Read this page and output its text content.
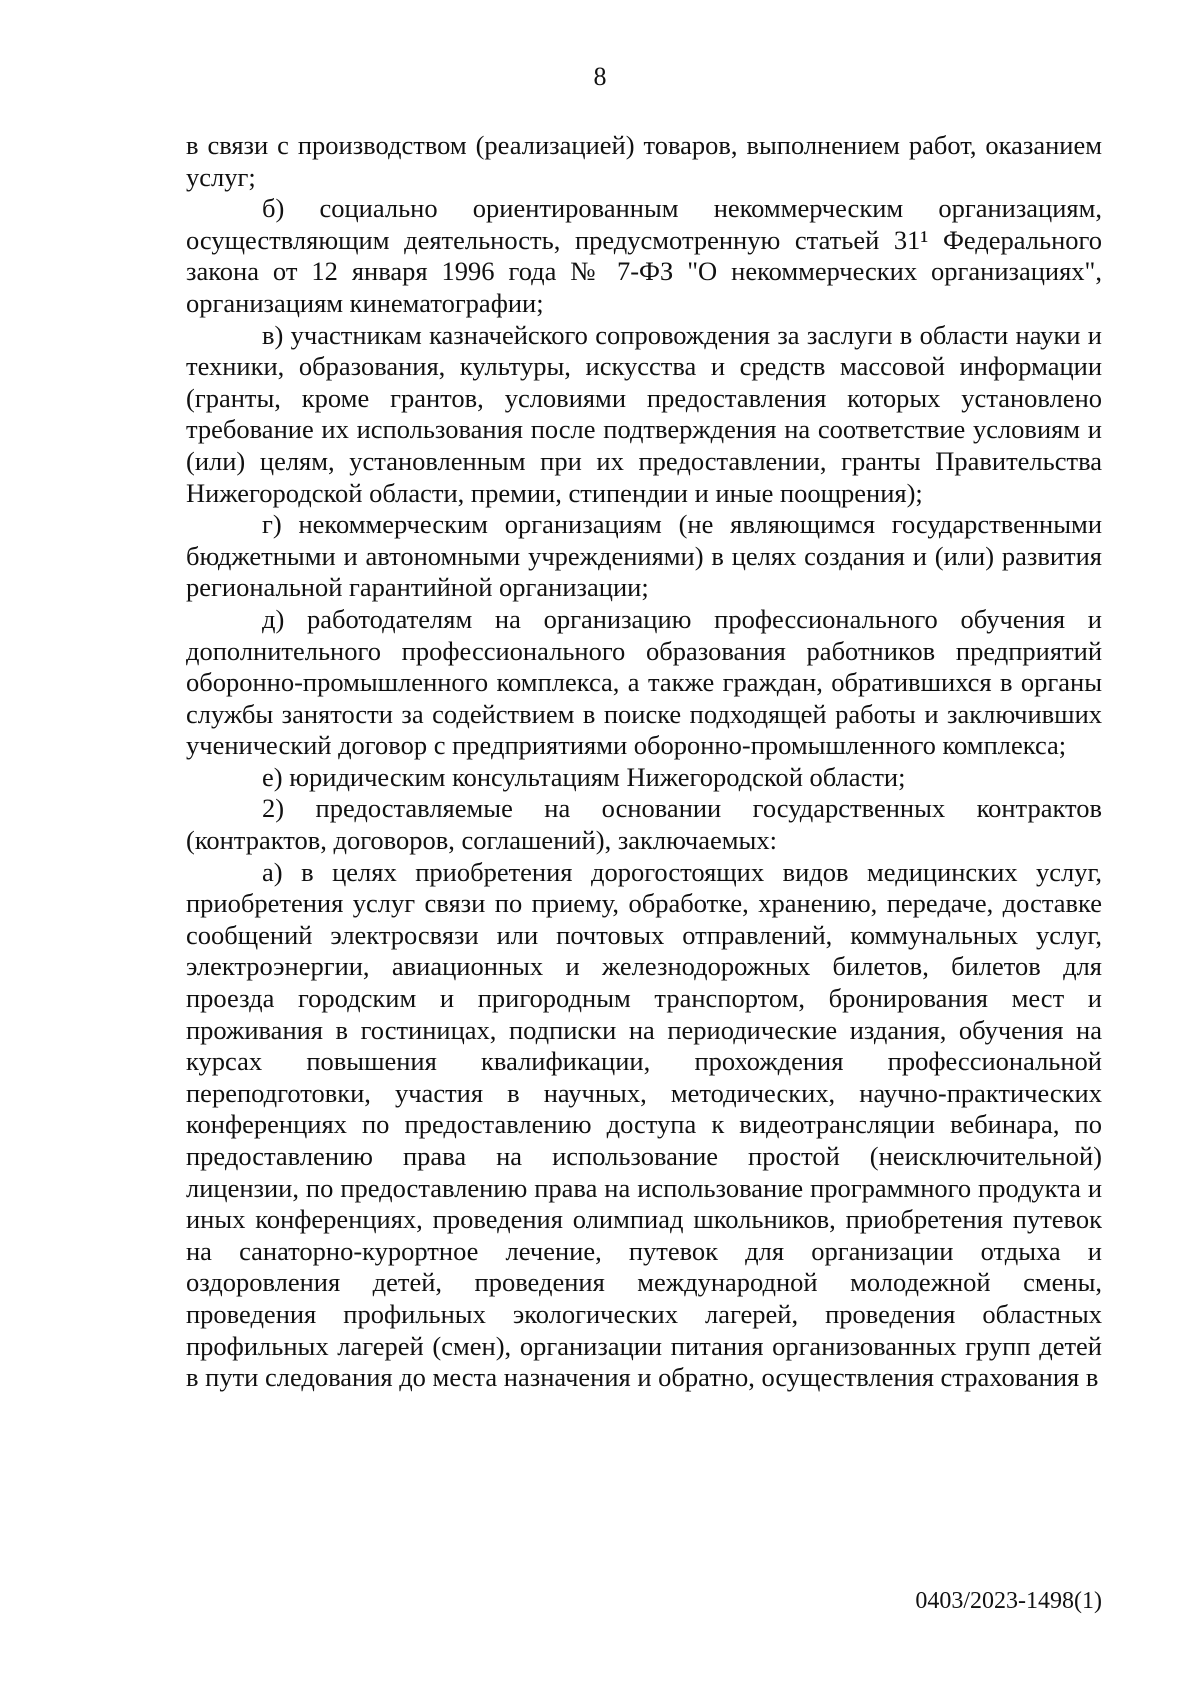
8

в связи с производством (реализацией) товаров, выполнением работ, оказанием услуг;

б) социально ориентированным некоммерческим организациям, осуществляющим деятельность, предусмотренную статьей 31¹ Федерального закона от 12 января 1996 года № 7-ФЗ "О некоммерческих организациях", организациям кинематографии;

в) участникам казначейского сопровождения за заслуги в области науки и техники, образования, культуры, искусства и средств массовой информации (гранты, кроме грантов, условиями предоставления которых установлено требование их использования после подтверждения на соответствие условиям и (или) целям, установленным при их предоставлении, гранты Правительства Нижегородской области, премии, стипендии и иные поощрения);

г) некоммерческим организациям (не являющимся государственными бюджетными и автономными учреждениями) в целях создания и (или) развития региональной гарантийной организации;

д) работодателям на организацию профессионального обучения и дополнительного профессионального образования работников предприятий оборонно-промышленного комплекса, а также граждан, обратившихся в органы службы занятости за содействием в поиске подходящей работы и заключивших ученический договор с предприятиями оборонно-промышленного комплекса;

е) юридическим консультациям Нижегородской области;

2) предоставляемые на основании государственных контрактов (контрактов, договоров, соглашений), заключаемых:

а) в целях приобретения дорогостоящих видов медицинских услуг, приобретения услуг связи по приему, обработке, хранению, передаче, доставке сообщений электросвязи или почтовых отправлений, коммунальных услуг, электроэнергии, авиационных и железнодорожных билетов, билетов для проезда городским и пригородным транспортом, бронирования мест и проживания в гостиницах, подписки на периодические издания, обучения на курсах повышения квалификации, прохождения профессиональной переподготовки, участия в научных, методических, научно-практических конференциях по предоставлению доступа к видеотрансляции вебинара, по предоставлению права на использование простой (неисключительной) лицензии, по предоставлению права на использование программного продукта и иных конференциях, проведения олимпиад школьников, приобретения путевок на санаторно-курортное лечение, путевок для организации отдыха и оздоровления детей, проведения международной молодежной смены, проведения профильных экологических лагерей, проведения областных профильных лагерей (смен), организации питания организованных групп детей в пути следования до места назначения и обратно, осуществления страхования в

0403/2023-1498(1)
